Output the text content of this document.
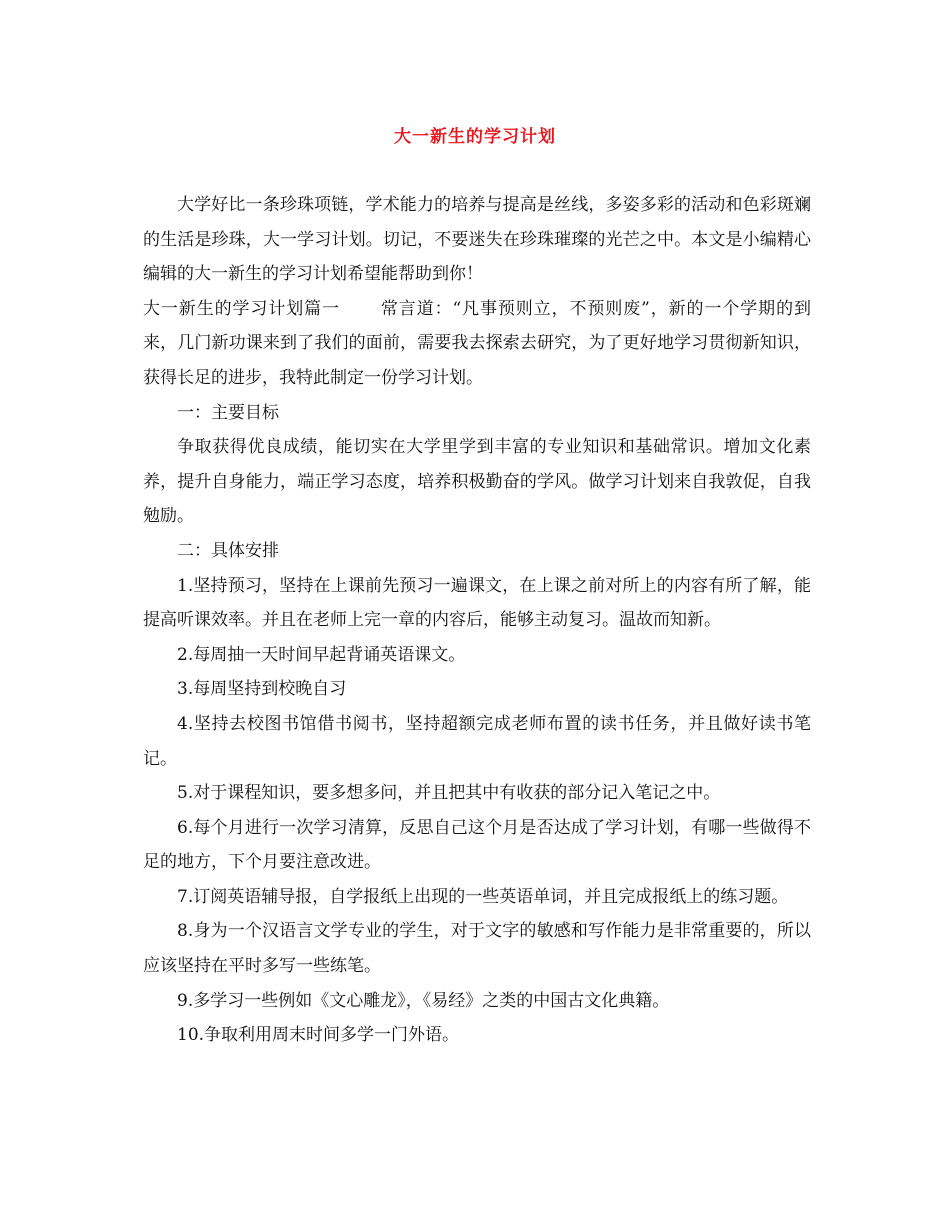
大一新生的学习计划

大学好比一条珍珠项链，学术能力的培养与提高是丝线，多姿多彩的活动和色彩斑斓的生活是珍珠，大一学习计划。切记，不要迷失在珍珠璀璨的光芒之中。本文是小编精心编辑的大一新生的学习计划希望能帮助到你！

大一新生的学习计划篇一 常言道：“凡事预则立，不预则废”，新的一个学期的到来，几门新功课来到了我们的面前，需要我去探索去研究，为了更好地学习贯彻新知识，获得长足的进步，我特此制定一份学习计划。

一：主要目标

争取获得优良成绩，能切实在大学里学到丰富的专业知识和基础常识。增加文化素养，提升自身能力，端正学习态度，培养积极勤奋的学风。做学习计划来自我敦促，自我勉励。

二：具体安排

1.坚持预习，坚持在上课前先预习一遍课文，在上课之前对所上的内容有所了解，能提高听课效率。并且在老师上完一章的内容后，能够主动复习。温故而知新。

2.每周抽一天时间早起背诵英语课文。

3.每周坚持到校晚自习

4.坚持去校图书馆借书阅书，坚持超额完成老师布置的读书任务，并且做好读书笔记。

5.对于课程知识，要多想多问，并且把其中有收获的部分记入笔记之中。

6.每个月进行一次学习清算，反思自己这个月是否达成了学习计划，有哪一些做得不足的地方，下个月要注意改进。

7.订阅英语辅导报，自学报纸上出现的一些英语单词，并且完成报纸上的练习题。

8.身为一个汉语言文学专业的学生，对于文字的敏感和写作能力是非常重要的，所以应该坚持在平时多写一些练笔。

9.多学习一些例如《文心雕龙》，《易经》之类的中国古文化典籍。

10.争取利用周末时间多学一门外语。
